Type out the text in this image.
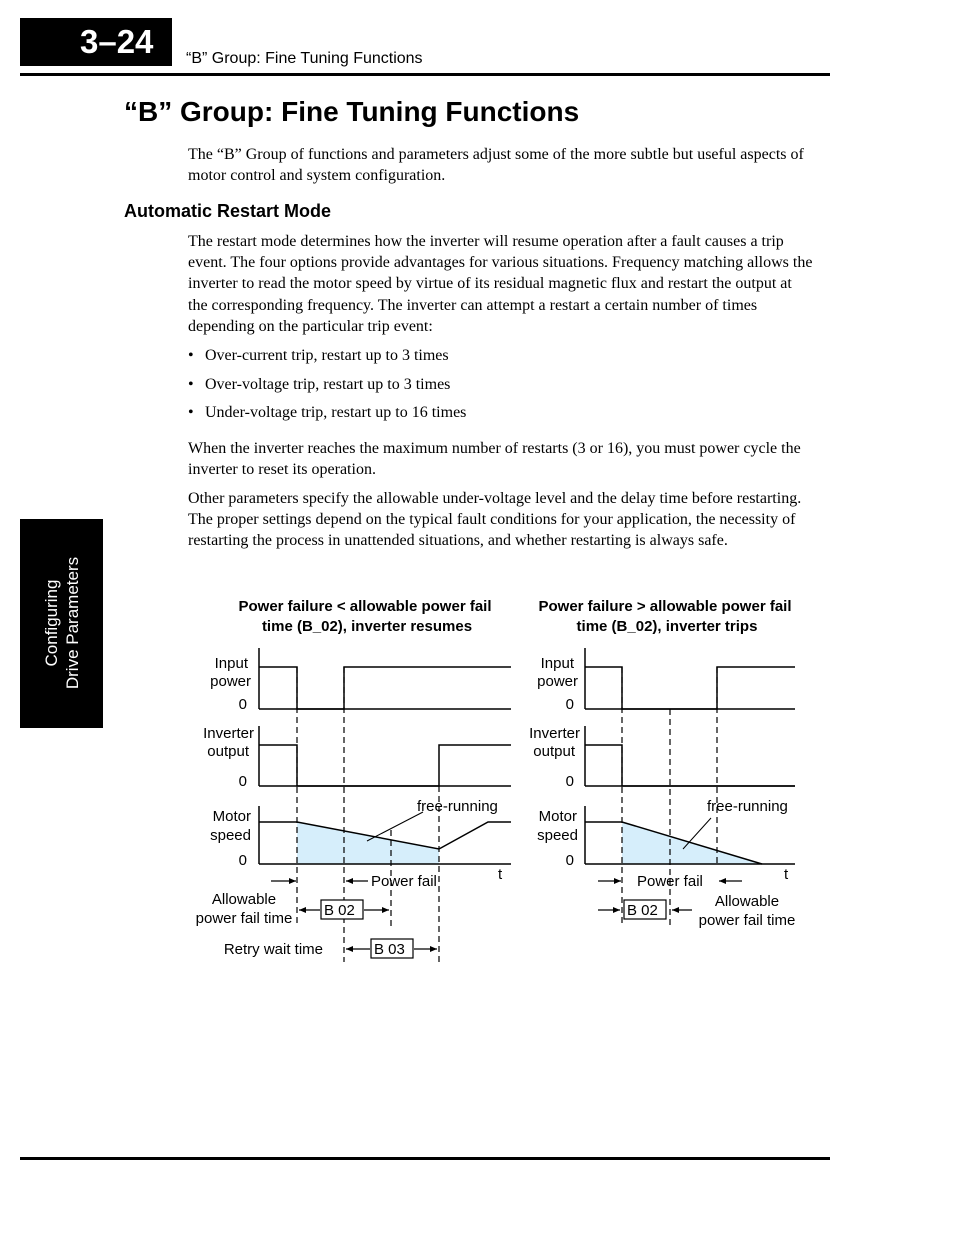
3–24	“B” Group: Fine Tuning Functions
Configuring Drive Parameters
“B” Group: Fine Tuning Functions

The “B” Group of functions and parameters adjust some of the more subtle but useful aspects of motor control and system configuration.

Automatic Restart Mode

The restart mode determines how the inverter will resume operation after a fault causes a trip event. The four options provide advantages for various situations. Frequency matching allows the inverter to read the motor speed by virtue of its residual magnetic flux and restart the output at the corresponding frequency. The inverter can attempt a restart a certain number of times depending on the particular trip event:

• Over-current trip, restart up to 3 times

• Over-voltage trip, restart up to 3 times

• Under-voltage trip, restart up to 16 times

When the inverter reaches the maximum number of restarts (3 or 16), you must power cycle the inverter to reset its operation.

Other parameters specify the allowable under-voltage level and the delay time before restarting. The proper settings depend on the typical fault conditions for your application, the necessity of restarting the process in unattended situations, and whether restarting is always safe.

Power failure < allowable power fail
time (B_02), inverter resumes
Input
power
0
Inverter
output
0
Motor
speed
0
free-running
t
Power fail
Allowable
power fail time B 02
Retry wait time	B 03
Power failure > allowable power fail
time (B_02), inverter trips
Input
power
0
Inverter
output
0
Motor
speed
0
free-running
t
Power fail
B 02
Allowable
power fail time
